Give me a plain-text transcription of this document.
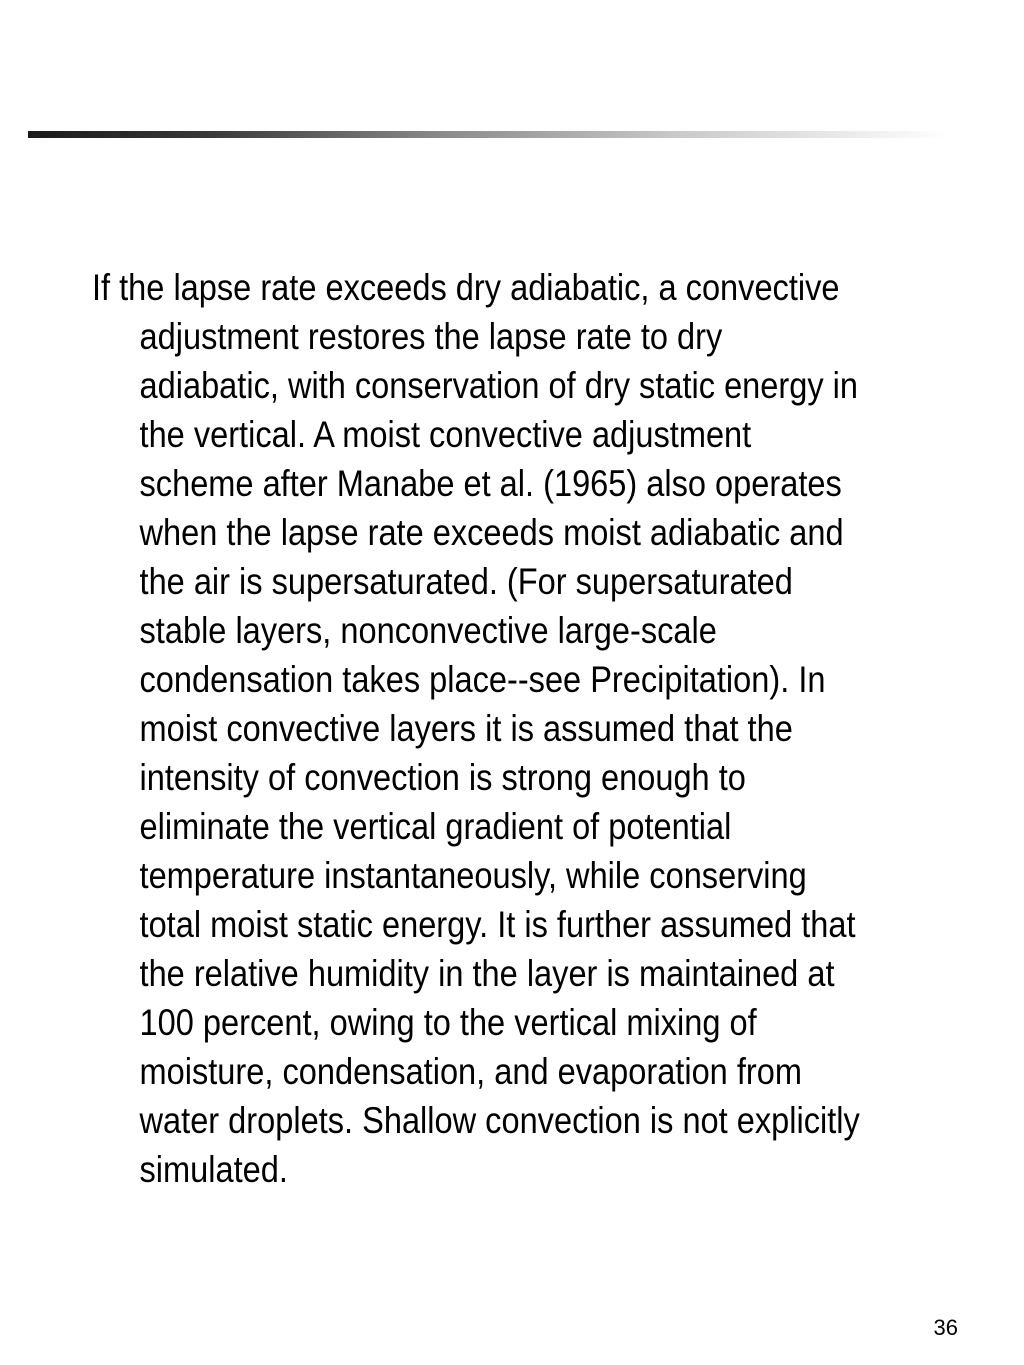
If the lapse rate exceeds dry adiabatic, a convective adjustment restores the lapse rate to dry adiabatic, with conservation of dry static energy in the vertical. A moist convective adjustment scheme after Manabe et al. (1965) also operates when the lapse rate exceeds moist adiabatic and the air is supersaturated. (For supersaturated stable layers, nonconvective large-scale condensation takes place--see Precipitation). In moist convective layers it is assumed that the intensity of convection is strong enough to eliminate the vertical gradient of potential temperature instantaneously, while conserving total moist static energy. It is further assumed that the relative humidity in the layer is maintained at 100 percent, owing to the vertical mixing of moisture, condensation, and evaporation from water droplets. Shallow convection is not explicitly simulated.

36
